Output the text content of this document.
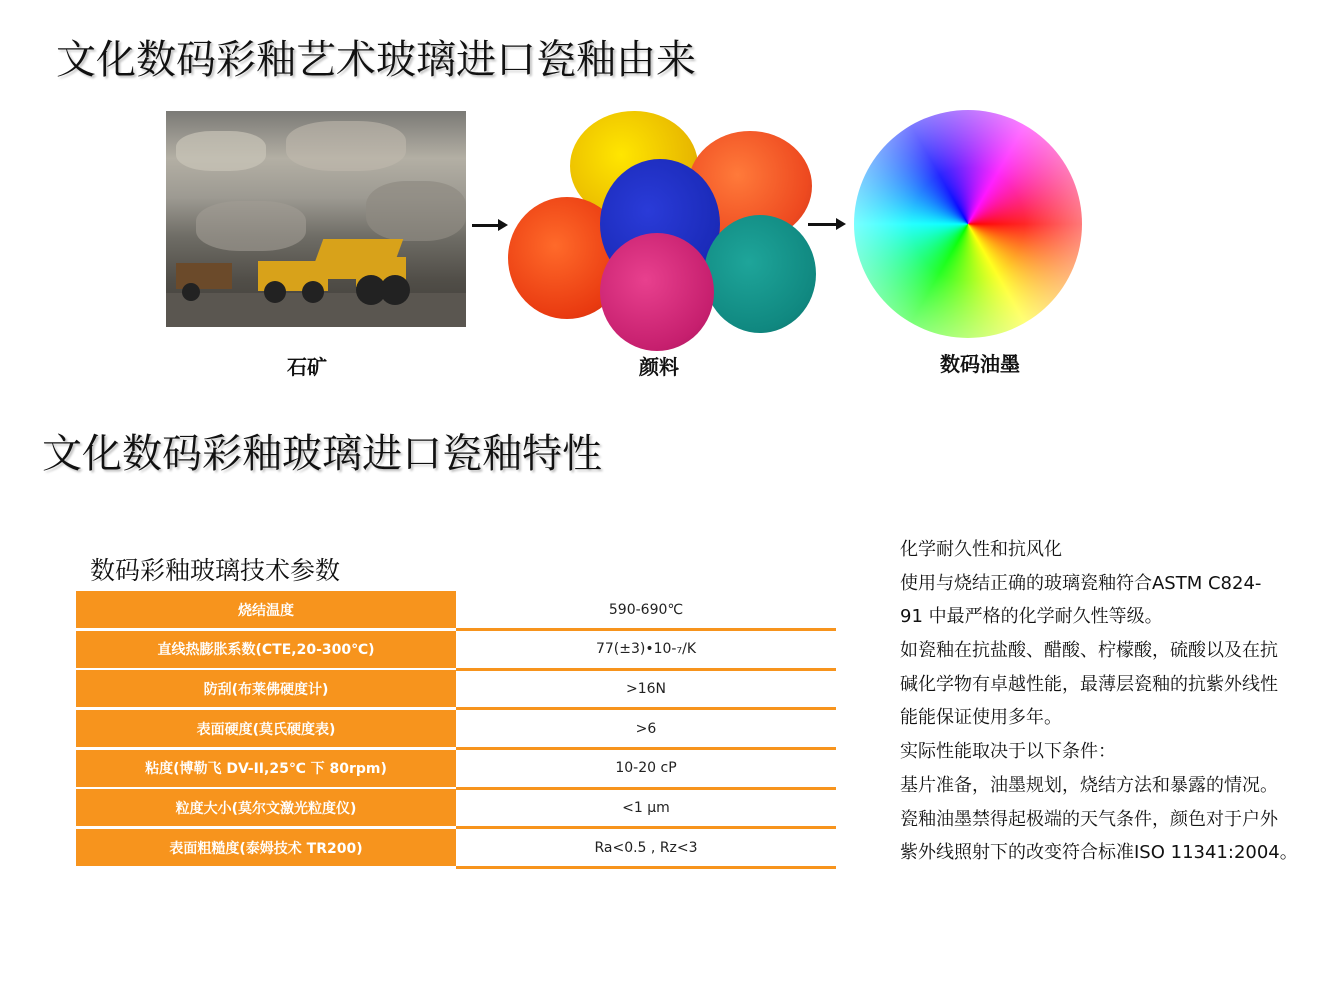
文化数码彩釉艺术玻璃进口瓷釉由来
石矿	颜料	数码油墨
文化数码彩釉玻璃进口瓷釉特性
数码彩釉玻璃技术参数
烧结温度	590-690℃
直线热膨胀系数(CTE,20-300℃)	77(±3)•10-₇/K
防刮(布莱佛硬度计)	>16N
表面硬度(莫氏硬度表)	>6
粘度(博勒飞 DV-II,25℃ 下 80rpm)	10-20 cP
粒度大小(莫尔文激光粒度仪)	<1 μm
表面粗糙度(泰姆技术 TR200)	Ra<0.5 , Rz<3
化学耐久性和抗风化
使用与烧结正确的玻璃瓷釉符合ASTM C824-
91 中最严格的化学耐久性等级。
如瓷釉在抗盐酸、醋酸、柠檬酸，硫酸以及在抗
碱化学物有卓越性能，最薄层瓷釉的抗紫外线性
能能保证使用多年。
实际性能取决于以下条件：
基片准备，油墨规划，烧结方法和暴露的情况。
瓷釉油墨禁得起极端的天气条件，颜色对于户外
紫外线照射下的改变符合标准ISO 11341:2004。
